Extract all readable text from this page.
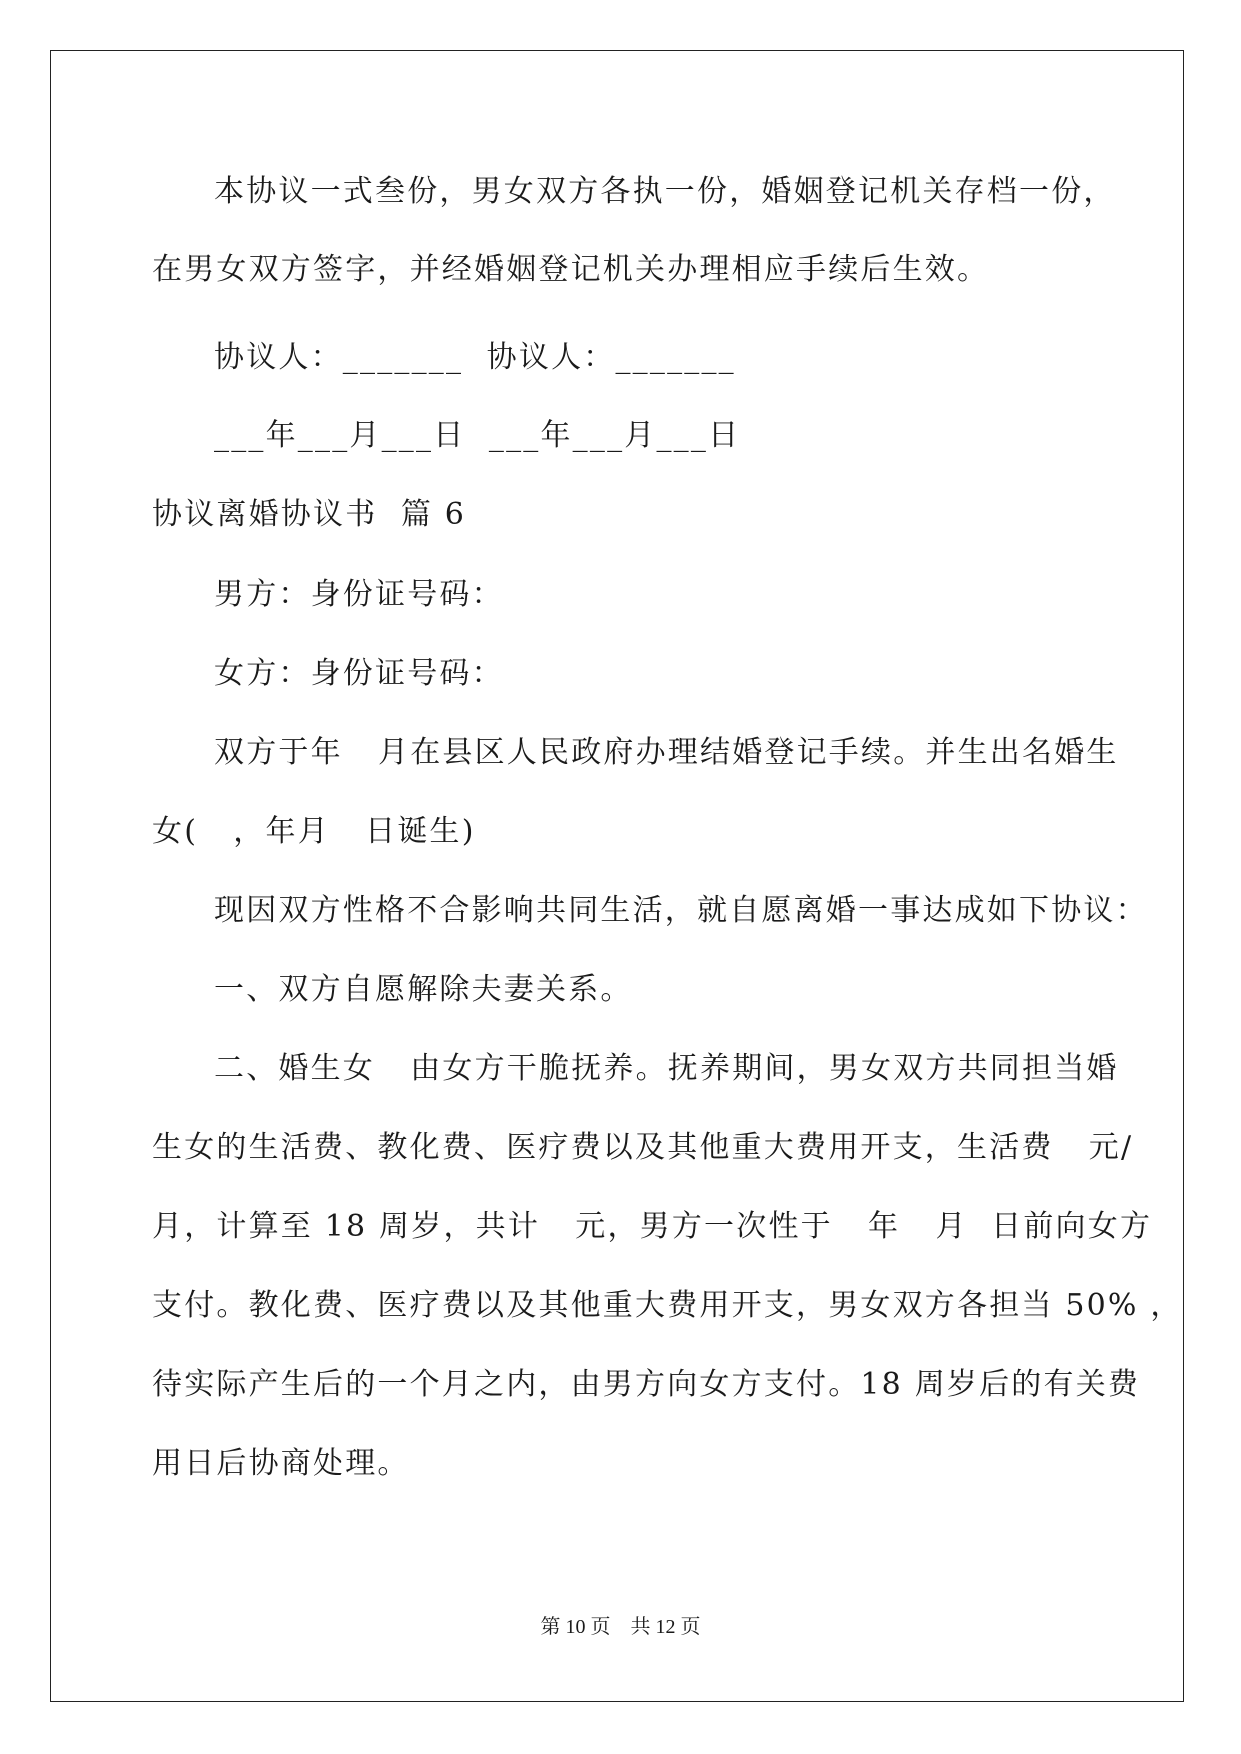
本协议一式叁份，男女双方各执一份，婚姻登记机关存档一份，
在男女双方签字，并经婚姻登记机关办理相应手续后生效。
协议人：_______  协议人：_______
___年___月___日  ___年___月___日
协议离婚协议书  篇 6
男方：身份证号码：
女方：身份证号码：
双方于年   月在县区人民政府办理结婚登记手续。并生出名婚生
女(   ，年月   日诞生)
现因双方性格不合影响共同生活，就自愿离婚一事达成如下协议：
一、双方自愿解除夫妻关系。
二、婚生女   由女方干脆抚养。抚养期间，男女双方共同担当婚
生女的生活费、教化费、医疗费以及其他重大费用开支，生活费   元/
月，计算至 18 周岁，共计   元，男方一次性于   年   月  日前向女方
支付。教化费、医疗费以及其他重大费用开支，男女双方各担当 50% ，
待实际产生后的一个月之内，由男方向女方支付。18 周岁后的有关费
用日后协商处理。
第 10 页    共 12 页
